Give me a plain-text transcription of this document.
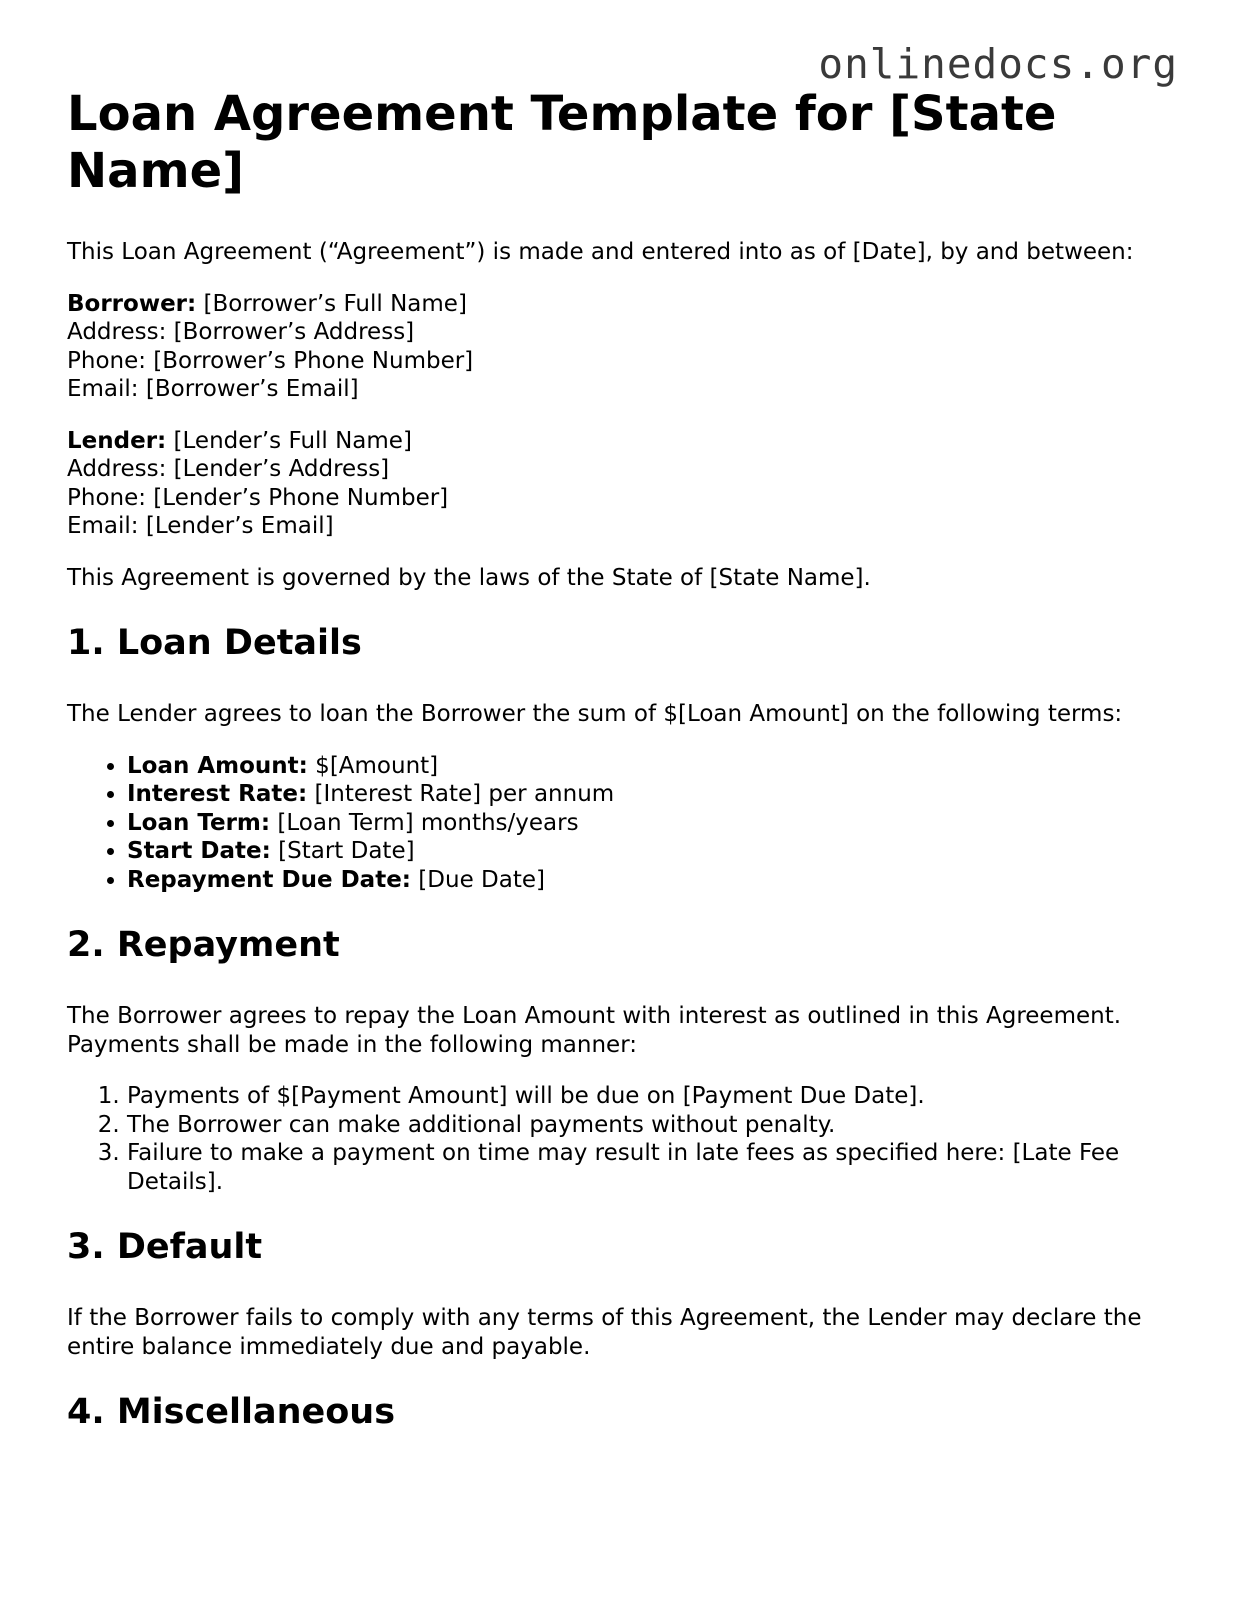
onlinedocs.org
Loan Agreement Template for [State Name]

This Loan Agreement (“Agreement”) is made and entered into as of [Date], by and between:

Borrower: [Borrower’s Full Name]
Address: [Borrower’s Address]
Phone: [Borrower’s Phone Number]
Email: [Borrower’s Email]
Lender: [Lender’s Full Name]
Address: [Lender’s Address]
Phone: [Lender’s Phone Number]
Email: [Lender’s Email]

This Agreement is governed by the laws of the State of [State Name].

1. Loan Details

The Lender agrees to loan the Borrower the sum of $[Loan Amount] on the following terms:

• Loan Amount: $[Amount]
• Interest Rate: [Interest Rate] per annum
• Loan Term: [Loan Term] months/years
• Start Date: [Start Date]
• Repayment Due Date: [Due Date]
2. Repayment

The Borrower agrees to repay the Loan Amount with interest as outlined in this Agreement. Payments shall be made in the following manner:

1. Payments of $[Payment Amount] will be due on [Payment Due Date].
2. The Borrower can make additional payments without penalty.
3. Failure to make a payment on time may result in late fees as specified here: [Late Fee Details].
3. Default

If the Borrower fails to comply with any terms of this Agreement, the Lender may declare the entire balance immediately due and payable.

4. Miscellaneous
